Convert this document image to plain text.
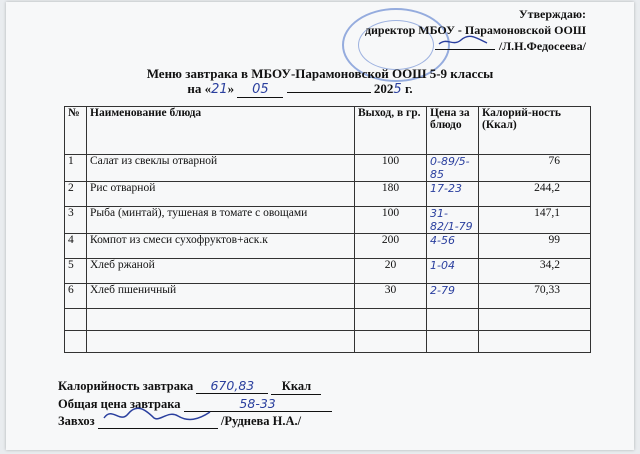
Утверждаю:
директор МБОУ - Парамоновской ООШ
/Л.Н.Федосеева/
Меню завтрака в МБОУ-Парамоновской ООШ 5-9 классы
на «21» 05	2025 г.
№	Наименование блюда	Выход, в гр.	Цена за блюдо	Калорий-ность (Ккал)
1	Салат из свеклы отварной	100	0-89/5-85	76
2	Рис отварной	180	17-23	244,2
3	Рыба (минтай), тушеная в томате с овощами	100	31-82/1-79	147,1
4	Компот из смеси сухофруктов+аск.к	200	4-56	99
5	Хлеб ржаной	20	1-04	34,2
6	Хлеб пшеничный	30	2-79	70,33

Калорийность завтрака 670,83 Ккал
Общая цена завтрака	58-33
Завхоз	/Руднева Н.А./
